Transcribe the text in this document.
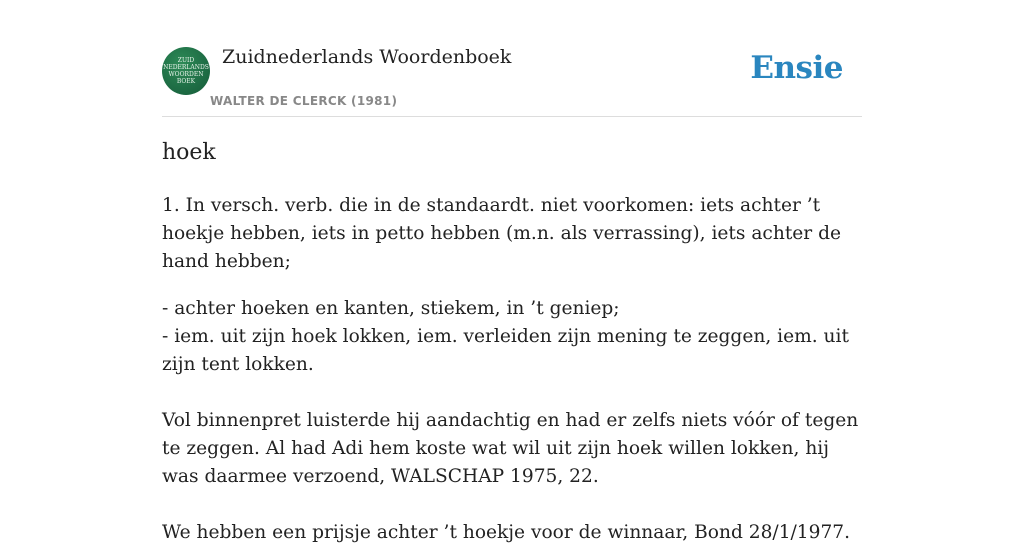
ZUID
NEDERLANDS
WOORDEN
BOEK
Zuidnederlands Woordenboek
WALTER DE CLERCK (1981)
Ensie
hoek

1. In versch. verb. die in de standaardt. niet voorkomen: iets achter ’t hoekje hebben, iets in petto hebben (m.n. als verrassing), iets achter de hand hebben;

- achter hoeken en kanten, stiekem, in ’t geniep;

- iem. uit zijn hoek lokken, iem. verleiden zijn mening te zeggen, iem. uit zijn tent lokken.

Vol binnenpret luisterde hij aandachtig en had er zelfs niets vóór of tegen te zeggen. Al had Adi hem koste wat wil uit zijn hoek willen lokken, hij was daarmee verzoend, WALSCHAP 1975, 22.

We hebben een prijsje achter ’t hoekje voor de winnaar, Bond 28/1/1977.
